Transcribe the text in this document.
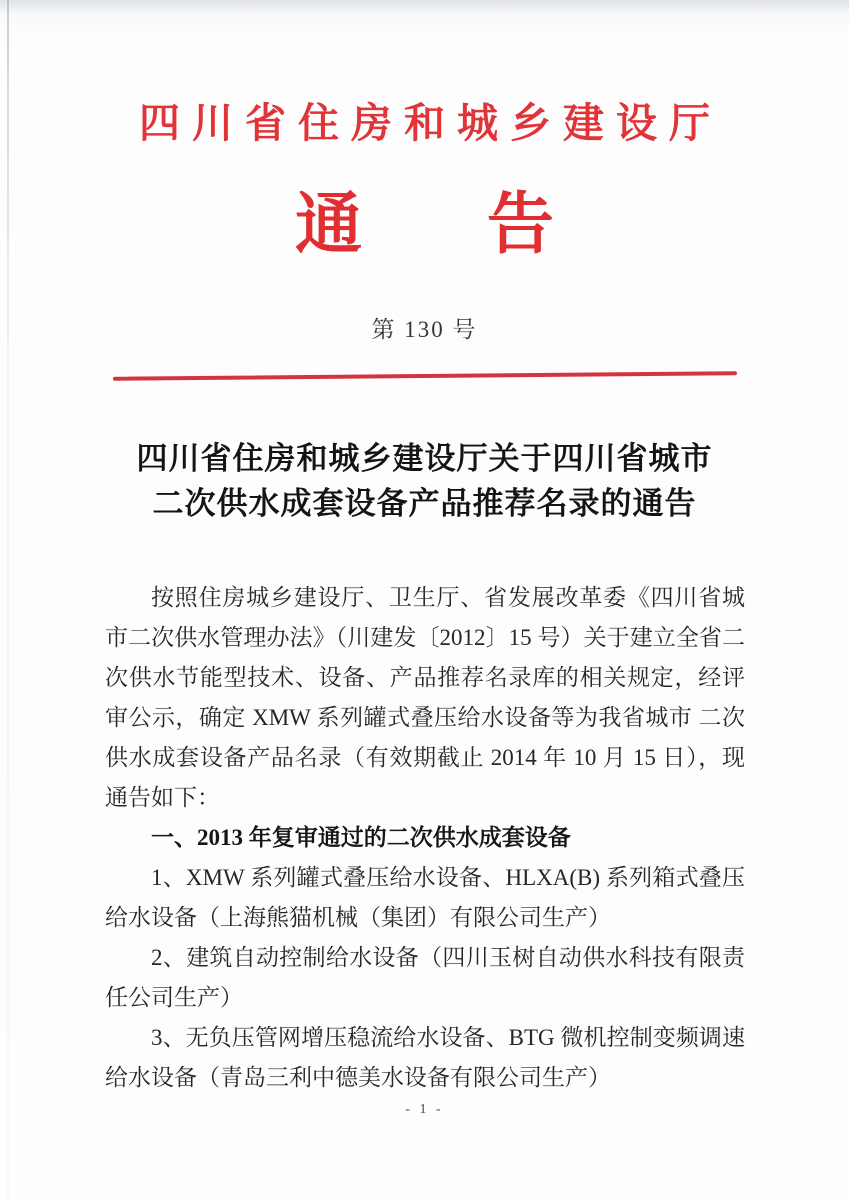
四川省住房和城乡建设厅
通 告
第 130 号
四川省住房和城乡建设厅关于四川省城市
二次供水成套设备产品推荐名录的通告

按照住房城乡建设厅、卫生厅、省发展改革委《四川省城市二次供水管理办法》（川建发〔2012〕15 号）关于建立全省二次供水节能型技术、设备、产品推荐名录库的相关规定，经评审公示，确定 XMW 系列罐式叠压给水设备等为我省城市 二次供水成套设备产品名录（有效期截止 2014 年 10 月 15 日），现通告如下：

一、2013 年复审通过的二次供水成套设备

1、XMW 系列罐式叠压给水设备、HLXA(B) 系列箱式叠压给水设备（上海熊猫机械（集团）有限公司生产）

2、建筑自动控制给水设备（四川玉树自动供水科技有限责任公司生产）

3、无负压管网增压稳流给水设备、BTG 微机控制变频调速给水设备（青岛三利中德美水设备有限公司生产）

- 1 -
